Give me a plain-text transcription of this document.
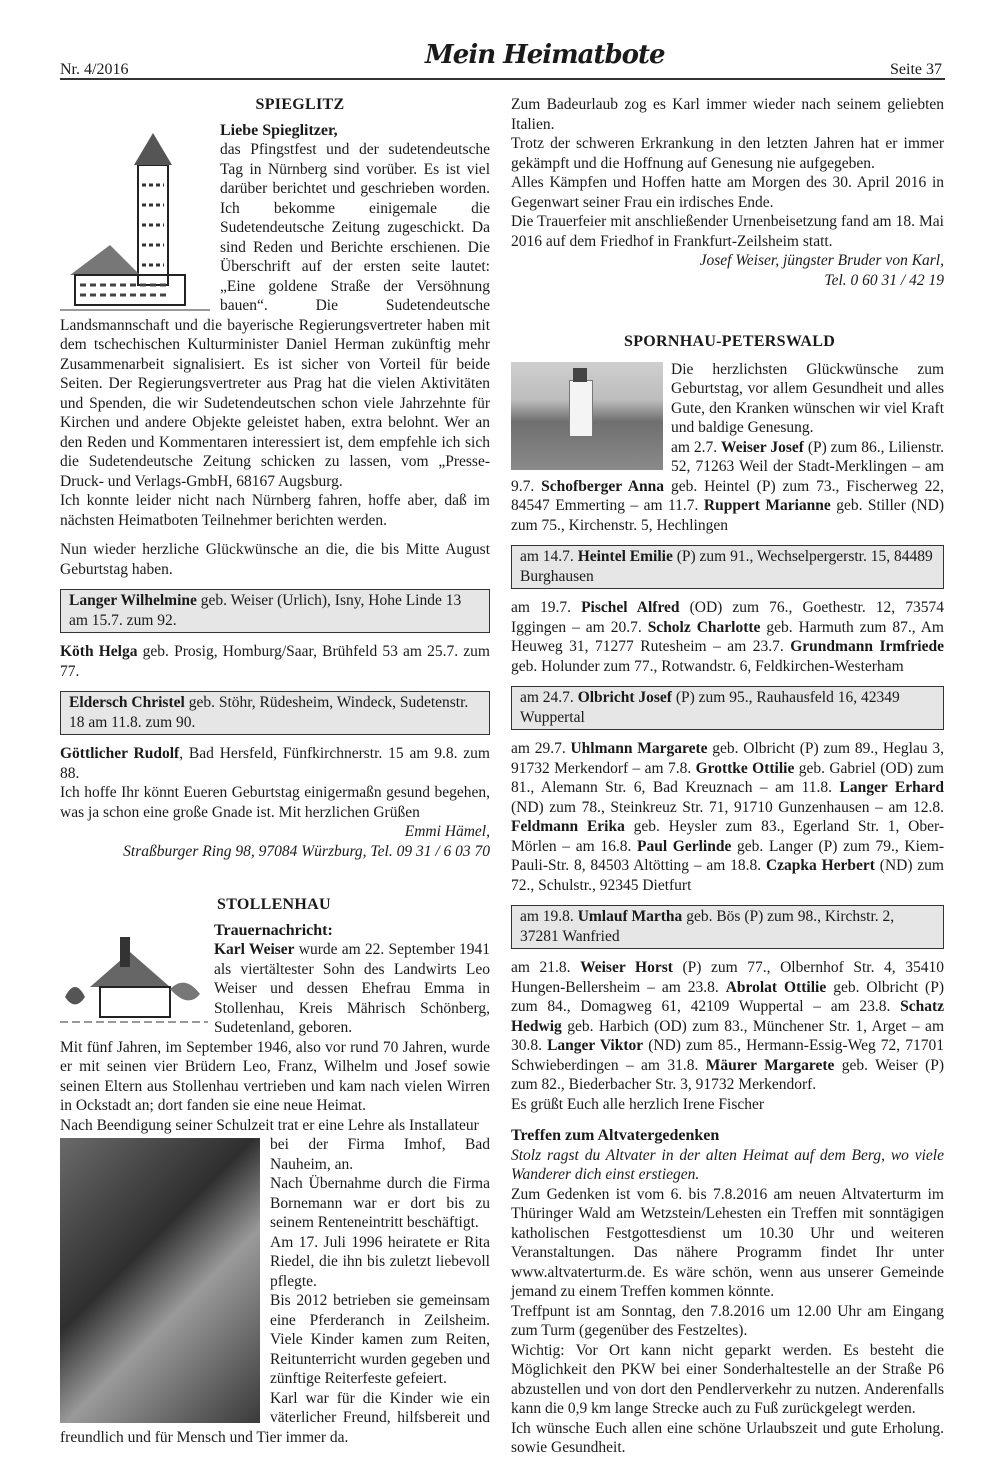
Nr. 4/2016	Mein Heimatbote	Seite 37
SPIEGLITZ
Liebe Spieglitzer,

das Pfingstfest und der sudetendeutsche Tag in Nürnberg sind vorüber. Es ist viel darüber berichtet und geschrieben worden. Ich bekomme einigemale die Sudetendeutsche Zeitung zugeschickt. Da sind Reden und Berichte erschienen. Die Überschrift auf der ersten seite lautet: „Eine goldene Straße der Versöhnung bauen“. Die Sudetendeutsche Landsmannschaft und die bayerische Regierungsvertreter haben mit dem tschechischen Kulturminister Daniel Herman zukünftig mehr Zusammenarbeit signalisiert. Es ist sicher von Vorteil für beide Seiten. Der Regierungsvertreter aus Prag hat die vielen Aktivitäten und Spenden, die wir Sudetendeutschen schon viele Jahrzehnte für Kirchen und andere Objekte geleistet haben, extra belohnt. Wer an den Reden und Kommentaren interessiert ist, dem empfehle ich sich die Sudetendeutsche Zeitung schicken zu lassen, vom „Presse-Druck- und Verlags-GmbH, 68167 Augsburg.

Ich konnte leider nicht nach Nürnberg fahren, hoffe aber, daß im nächsten Heimatboten Teilnehmer berichten werden.

Nun wieder herzliche Glückwünsche an die, die bis Mitte August Geburtstag haben.

Langer Wilhelmine geb. Weiser (Urlich), Isny, Hohe Linde 13 am 15.7. zum 92.

Köth Helga geb. Prosig, Homburg/Saar, Brühfeld 53 am 25.7. zum 77.

Eldersch Christel geb. Stöhr, Rüdesheim, Windeck, Sudetenstr. 18 am 11.8. zum 90.

Göttlicher Rudolf, Bad Hersfeld, Fünfkirchnerstr. 15 am 9.8. zum 88.

Ich hoffe Ihr könnt Eueren Geburtstag einigermaßn gesund begehen, was ja schon eine große Gnade ist. Mit herzlichen Grüßen

Emmi Hämel,
Straßburger Ring 98, 97084 Würzburg, Tel. 09 31 / 6 03 70
STOLLENHAU
Trauernachricht:

Karl Weiser wurde am 22. September 1941 als viertältester Sohn des Landwirts Leo Weiser und dessen Ehefrau Emma in Stollenhau, Kreis Mährisch Schönberg, Sudetenland, geboren.

Mit fünf Jahren, im September 1946, also vor rund 70 Jahren, wurde er mit seinen vier Brüdern Leo, Franz, Wilhelm und Josef sowie seinen Eltern aus Stollenhau vertrieben und kam nach vielen Wirren in Ockstadt an; dort fanden sie eine neue Heimat.

Nach Beendigung seiner Schulzeit trat er eine Lehre als Installateur

bei der Firma Imhof, Bad Nauheim, an.

Nach Übernahme durch die Firma Bornemann war er dort bis zu seinem Renteneintritt beschäftigt.

Am 17. Juli 1996 heiratete er Rita Riedel, die ihn bis zuletzt liebevoll pflegte.

Bis 2012 betrieben sie gemeinsam eine Pferderanch in Zeilsheim. Viele Kinder kamen zum Reiten, Reitunterricht wurden gegeben und zünftige Reiterfeste gefeiert.

Karl war für die Kinder wie ein väterlicher Freund, hilfsbereit und freundlich und für Mensch und Tier immer da.

Zum Badeurlaub zog es Karl immer wieder nach seinem geliebten Italien.

Trotz der schweren Erkrankung in den letzten Jahren hat er immer gekämpft und die Hoffnung auf Genesung nie aufgegeben.

Alles Kämpfen und Hoffen hatte am Morgen des 30. April 2016 in Gegenwart seiner Frau ein irdisches Ende.

Die Trauerfeier mit anschließender Urnenbeisetzung fand am 18. Mai 2016 auf dem Friedhof in Frankfurt-Zeilsheim statt.

Josef Weiser, jüngster Bruder von Karl,
Tel. 0 60 31 / 42 19
SPORNHAU-PETERSWALD

Die herzlichsten Glückwünsche zum Geburtstag, vor allem Gesundheit und alles Gute, den Kranken wünschen wir viel Kraft und baldige Genesung.

am 2.7. Weiser Josef (P) zum 86., Lilienstr. 52, 71263 Weil der Stadt-Merklingen – am 9.7. Schofberger Anna geb. Heintel (P) zum 73., Fischerweg 22, 84547 Emmerting – am 11.7. Ruppert Marianne geb. Stiller (ND) zum 75., Kirchenstr. 5, Hechlingen

am 14.7. Heintel Emilie (P) zum 91., Wechselpergerstr. 15, 84489 Burghausen

am 19.7. Pischel Alfred (OD) zum 76., Goethestr. 12, 73574 Iggingen – am 20.7. Scholz Charlotte geb. Harmuth zum 87., Am Heuweg 31, 71277 Rutesheim – am 23.7. Grundmann Irmfriede geb. Holunder zum 77., Rotwandstr. 6, Feldkirchen-Westerham

am 24.7. Olbricht Josef (P) zum 95., Rauhausfeld 16, 42349 Wuppertal

am 29.7. Uhlmann Margarete geb. Olbricht (P) zum 89., Heglau 3, 91732 Merkendorf – am 7.8. Grottke Ottilie geb. Gabriel (OD) zum 81., Alemann Str. 6, Bad Kreuznach – am 11.8. Langer Erhard (ND) zum 78., Steinkreuz Str. 71, 91710 Gunzenhausen – am 12.8. Feldmann Erika geb. Heysler zum 83., Egerland Str. 1, Ober-Mörlen – am 16.8. Paul Gerlinde geb. Langer (P) zum 79., Kiem-Pauli-Str. 8, 84503 Altötting – am 18.8. Czapka Herbert (ND) zum 72., Schulstr., 92345 Dietfurt

am 19.8. Umlauf Martha geb. Bös (P) zum 98., Kirchstr. 2, 37281 Wanfried

am 21.8. Weiser Horst (P) zum 77., Olbernhof Str. 4, 35410 Hungen-Bellersheim – am 23.8. Abrolat Ottilie geb. Olbricht (P) zum 84., Domagweg 61, 42109 Wuppertal – am 23.8. Schatz Hedwig geb. Harbich (OD) zum 83., Münchener Str. 1, Arget – am 30.8. Langer Viktor (ND) zum 85., Hermann-Essig-Weg 72, 71701 Schwieberdingen – am 31.8. Mäurer Margarete geb. Weiser (P) zum 82., Biederbacher Str. 3, 91732 Merkendorf.

Es grüßt Euch alle herzlich Irene Fischer

Treffen zum Altvatergedenken

Stolz ragst du Altvater in der alten Heimat auf dem Berg, wo viele Wanderer dich einst erstiegen.

Zum Gedenken ist vom 6. bis 7.8.2016 am neuen Altvaterturm im Thüringer Wald am Wetzstein/Lehesten ein Treffen mit sonntägigen katholischen Festgottesdienst um 10.30 Uhr und weiteren Veranstaltungen. Das nähere Programm findet Ihr unter www.altvaterturm.de. Es wäre schön, wenn aus unserer Gemeinde jemand zu einem Treffen kommen könnte.

Treffpunt ist am Sonntag, den 7.8.2016 um 12.00 Uhr am Eingang zum Turm (gegenüber des Festzeltes).

Wichtig: Vor Ort kann nicht geparkt werden. Es besteht die Möglichkeit den PKW bei einer Sonderhaltestelle an der Straße P6 abzustellen und von dort den Pendlerverkehr zu nutzen. Anderenfalls kann die 0,9 km lange Strecke auch zu Fuß zurückgelegt werden.

Ich wünsche Euch allen eine schöne Urlaubszeit und gute Erholung. sowie Gesundheit.
